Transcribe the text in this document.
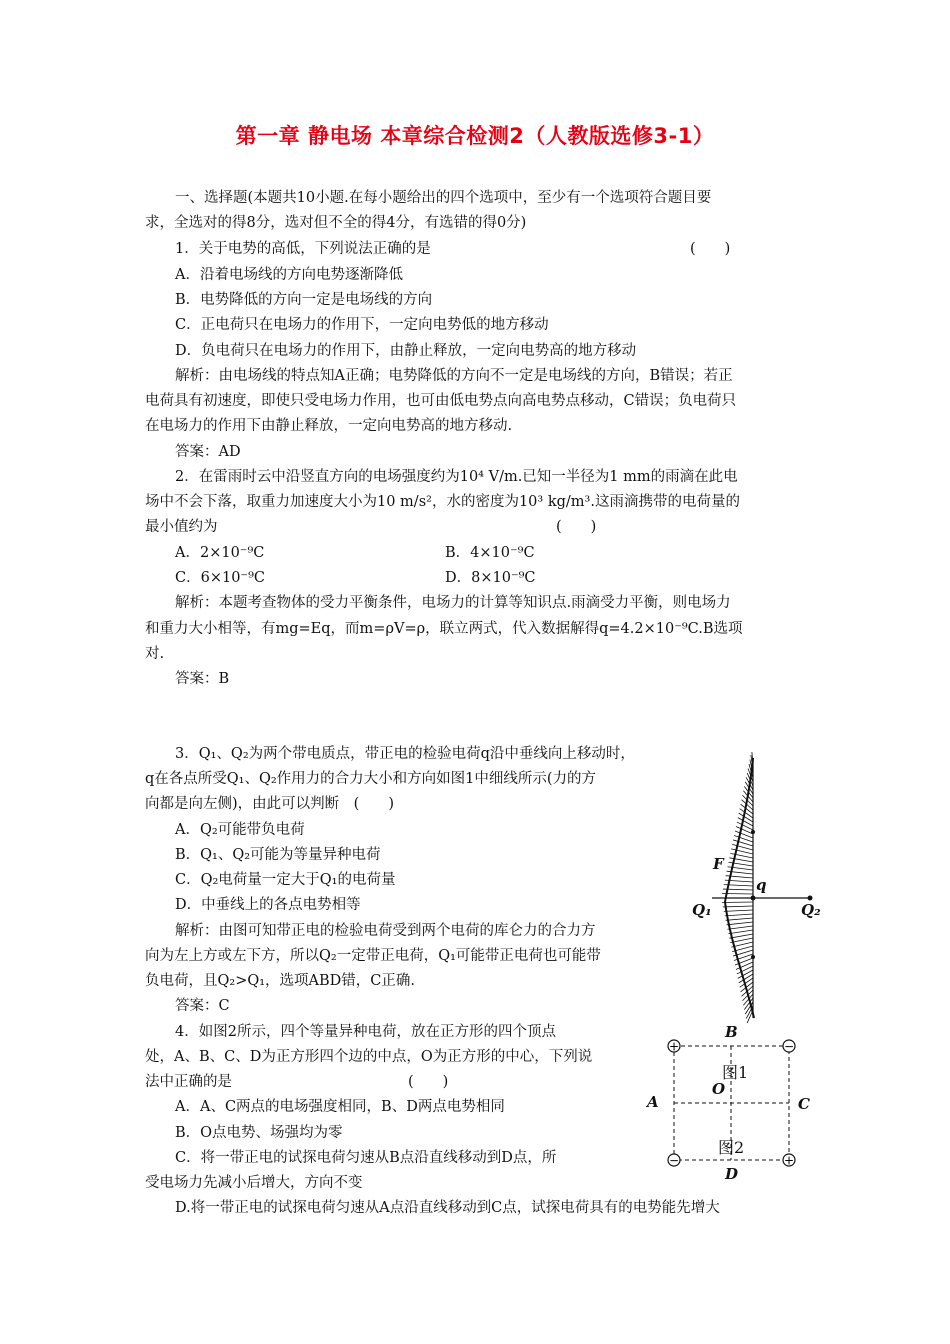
第一章 静电场 本章综合检测2（人教版选修3-1）
一、选择题(本题共10小题.在每小题给出的四个选项中，至少有一个选项符合题目要
求，全选对的得8分，选对但不全的得4分，有选错的得0分)
1．关于电势的高低，下列说法正确的是	(　　)
A．沿着电场线的方向电势逐渐降低
B．电势降低的方向一定是电场线的方向
C．正电荷只在电场力的作用下，一定向电势低的地方移动
D．负电荷只在电场力的作用下，由静止释放，一定向电势高的地方移动
解析：由电场线的特点知A正确；电势降低的方向不一定是电场线的方向，B错误；若正
电荷具有初速度，即使只受电场力作用，也可由低电势点向高电势点移动，C错误；负电荷只
在电场力的作用下由静止释放，一定向电势高的地方移动.
答案：AD
2．在雷雨时云中沿竖直方向的电场强度约为10⁴ V/m.已知一半径为1 mm的雨滴在此电
场中不会下落，取重力加速度大小为10 m/s²，水的密度为10³ kg/m³.这雨滴携带的电荷量的
最小值约为	(　　)
A．2×10⁻⁹C	B．4×10⁻⁹C
C．6×10⁻⁹C	D．8×10⁻⁹C
解析：本题考查物体的受力平衡条件，电场力的计算等知识点.雨滴受力平衡，则电场力
和重力大小相等，有mg=Eq，而m=ρV=ρ，联立两式，代入数据解得q=4.2×10⁻⁹C.B选项
对.
答案：B
3．Q₁、Q₂为两个带电质点，带正电的检验电荷q沿中垂线向上移动时，
q在各点所受Q₁、Q₂作用力的合力大小和方向如图1中细线所示(力的方
向都是向左侧)，由此可以判断　(　　)
A．Q₂可能带负电荷
B．Q₁、Q₂可能为等量异种电荷
C．Q₂电荷量一定大于Q₁的电荷量
D．中垂线上的各点电势相等
解析：由图可知带正电的检验电荷受到两个电荷的库仑力的合力方
向为左上方或左下方，所以Q₂一定带正电荷，Q₁可能带正电荷也可能带
负电荷，且Q₂>Q₁，选项ABD错，C正确.
答案：C
4．如图2所示，四个等量异种电荷，放在正方形的四个顶点
处，A、B、C、D为正方形四个边的中点，O为正方形的中心，下列说
法中正确的是	(　　)
A．A、C两点的电场强度相同，B、D两点电势相同
B．O点电势、场强均为零
C．将一带正电的试探电荷匀速从B点沿直线移动到D点，所
受电场力先减小后增大，方向不变
D.将一带正电的试探电荷匀速从A点沿直线移动到C点，试探电荷具有的电势能先增大
F
q
Q₁	Q₂
图1
+	−
−	+
B
A	C
O
D
图2
